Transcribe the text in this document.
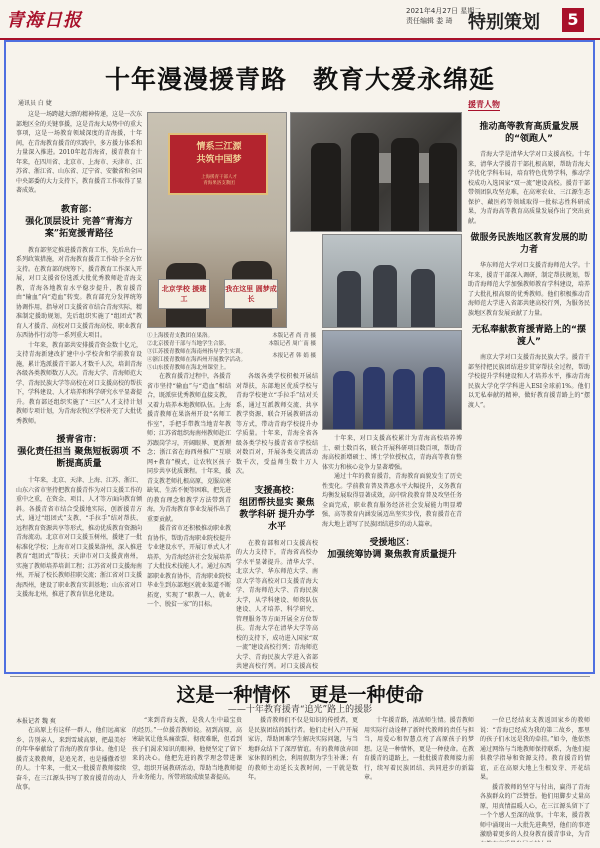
青海日报	2021年4月27日 星期二
责任编辑 娄 琦 特别策划	5
十年漫漫援青路　教育大爱永绵延
通讯员 白 婕

这是一场跨越大漂的精神传递，这是一次东部地区全的关键事援，这是青海大局势中的重大事项，这是一场教育领域深度的青海援，十年间，在青海教育援青的实践中，多方援力体系和力量深入推进。2010年起青海省，援青教育十年来，在四川省、北京市、上海市、天津市、江苏省、浙江省、山东省、辽宁省、安徽省和全国中央部委的大力支持下，教育援青工作取得了显著成效。

教育部：
强化顶层设计 完善“青海方案”拓宽援青路径

教育部坚定推进援青教育工作，先后出台一系列政策措施，对青海教育援青工作给予全方位支持。在教育部的统筹下，援青教育工作深入开展，对口支援省份选派大批优秀教师赴青海支教，青海各地教育水平稳步提升，教育援青由“输血”向“造血”转变。教育部充分发挥统筹协调作用，指导对口支援省市结合青海实际，精准制定援助规划，先后组织实施了“组团式”教育人才援青、高校对口支援青海高校、职业教育东西协作行动等一系列重大项目。

十年来，教育部共安排援青资金数十亿元，支持青海新建改扩建中小学校舍和学前教育设施，累计选派援青干部人才数千人次，培训青海各级各类教师数万人次。青海大学、青海师范大学、青海民族大学等高校在对口支援高校的帮扶下，学科建设、人才培养和科学研究水平显著提升。教育部还组织实施了“三区”人才支持计划教师专项计划，为青海农牧区学校补充了大批优秀教师。

援青省市：
强化责任担当 聚焦短板弱项 不断提高质量

十年来，北京、天津、上海、江苏、浙江、山东六省市坚持把教育援青作为对口支援工作的重中之重，在资金、项目、人才等方面向教育倾斜。各援青省市结合受援地实际，创新援青方式，通过“组团式”支教、“手拉手”结对帮扶、远程教育资源共享等形式，推动优质教育资源向青海流动。北京市对口支援玉树州，援建了一批标准化学校；上海市对口支援果洛州，深入推进教育“组团式”帮扶；天津市对口支援黄南州，实施了教师培养培训工程；江苏省对口支援海南州，开展了校长教师挂职交流；浙江省对口支援海西州，建设了职业教育实训基地；山东省对口支援海北州，推进了教育信息化建设。

情系三江源
共筑中国梦
上海援青干部人才
青海果洛支教团
北京学校 援建工
我在这里 圆梦成长
①上海援青支教团在果洛。
②北京援青干部与当地学生合影。
③江苏援青教师在海南州指导学生实训。
④浙江援青教师在海西州开展教学活动。
⑤山东援青教师在海北州课堂上。
本版记者 尚 青 摄
本版记者 周广南 摄
本报记者 韩 娟 摄

在教育援青过程中，各援青省市坚持“输血”与“造血”相结合，既派驻优秀教师直接支教，又着力培养本地教师队伍。上海援青教师在果洛州开设“名师工作室”，手把手带教当地青年教师；江苏省组织海南州教师赴江苏跟岗学习，开阔眼界、更新理念；浙江省在海西州推广“互联网+教育”模式，让农牧区孩子同步共享优质课程。十年来，援青支教老师扎根高原，克服高寒缺氧、生活不便等困难，把先进的教育理念和教学方法带到青海，为青海教育事业发展作出了重要贡献。

援青省市还积极推动职业教育协作，帮助青海职业院校提升专业建设水平，开展订单式人才培养，为青海经济社会发展培养了大批技术技能人才。通过东西部职业教育协作，青海职业院校毕业生到东部地区就业渠道不断拓宽，实现了“职教一人、就业一个、脱贫一家”的目标。

各级各类学校积极开展结对帮扶，东部地区优质学校与青海学校建立“手拉手”结对关系，通过互派教师交流、共享教学资源、联合开展教研活动等方式，带动青海学校提升办学质量。十年来，青海全省各级各类学校与援青省市学校结对数百对，开展各类交流活动数千次，受益师生数十万人次。

支援高校：
组团帮扶显实 聚焦教学科研 提升办学水平

在教育部和对口支援高校的大力支持下，青海省高校办学水平显著提升。清华大学、北京大学、华东师范大学、南京大学等高校对口支援青海大学、青海师范大学、青海民族大学，从学科建设、师资队伍建设、人才培养、科学研究、管理服务等方面开展全方位帮扶。青海大学在清华大学等高校的支持下，成功进入国家“双一流”建设高校行列；青海师范大学、青海民族大学进入省部共建高校行列。对口支援高校

十年来，对口支援高校累计为青海高校培养博士、硕士数百名，联合开展科研项目数百项，帮助青海高校新增硕士、博士学位授权点，青海高等教育整体实力和核心竞争力显著增强。

通过十年的教育援青，青海教育面貌发生了历史性变化。学前教育普及普惠水平大幅提升，义务教育均衡发展取得显著成效，高中阶段教育普及攻坚任务全面完成，职业教育服务经济社会发展能力明显增强，高等教育内涵发展迈出坚实步伐，教育援青在青海大地上谱写了民族团结进步的动人篇章。

受援地区：
加强统筹协调 聚焦教育质量提升

援青人物
推动高等教育高质量发展的“领跑人”

青海大学是清华大学对口支援高校。十年来，清华大学援青干部扎根高原，帮助青海大学优化学科布局，培育特色优势学科，推动学校成功入选国家“双一流”建设高校。援青干部带领团队攻坚克难，在高寒农业、三江源生态保护、藏医药等领域取得一批标志性科研成果，为青海高等教育高质量发展作出了突出贡献。

做服务民族地区教育发展的助力者

华东师范大学对口支援青海师范大学。十年来，援青干部深入调研，制定帮扶规划，帮助青海师范大学加强教师教育学科建设，培养了大批扎根高原的优秀教师。他们积极推动青海师范大学进入省部共建高校行列，为服务民族地区教育发展贡献了力量。

无私奉献教育援青路上的“摆渡人”

南京大学对口支援青海民族大学。援青干部坚持把民族团结进步贯穿帮扶全过程，帮助学校提升学科建设和人才培养水平，推动青海民族大学化学学科进入ESI全球前1%。他们以无私奉献的精神，做好教育援青路上的“摆渡人”。

这是一种情怀　更是一种使命
——十年教育援青“追光”路上的援影
本报记者 魏 爽

在高原上有这样一群人，他们远离家乡、告别亲人，来到雪域高原，把最美好的年华奉献给了青海的教育事业。他们是援青支教教师，是追光者，也是播撒希望的人。十年来，一批又一批援青教师接续奋斗，在三江源头书写了教育援青的动人故事。

“来到青海支教，是我人生中最宝贵的经历。”一位援青教师说。初到高原，高寒缺氧让他头痛欲裂、彻夜难眠，但看到孩子们渴求知识的眼神，他便坚定了留下来的决心。他把先进的教学理念带进课堂，组织开展教研活动，帮助当地教师提升业务能力，所带班级成绩显著提高。

援青教师们不仅是知识的传授者，更是民族团结的践行者。他们走村入户开展家访，帮助困难学生解决实际问题，与当地群众结下了深厚情谊。有的教师放弃回家休假的机会，利用假期为学生补课；有的教师主动延长支教时间，一干就是数年。

十年援青路，浓浓师生情。援青教师用实际行动诠释了新时代教师的责任与担当，用爱心和智慧点亮了高原孩子的梦想。这是一种情怀，更是一种使命。在教育援青的道路上，一批批援青教师接力前行，续写着民族团结、共同进步的新篇章。

一位已经结束支教返回家乡的教师说：“青海已经成为我的第二故乡，那里的孩子们永远是我的牵挂。”如今，他依然通过网络与当地教师保持联系，为他们提供教学指导和资源支持。教育援青的情谊，正在高原大地上生根发芽、开花结果。

援青教师的坚守与付出，赢得了青海各族群众的广泛赞誉。他们用脚步丈量高原，用真情温暖人心，在三江源头留下了一个个感人至深的故事。十年来，援青教师中涌现出一大批先进典型，他们的事迹激励着更多的人投身教育援青事业，为青
